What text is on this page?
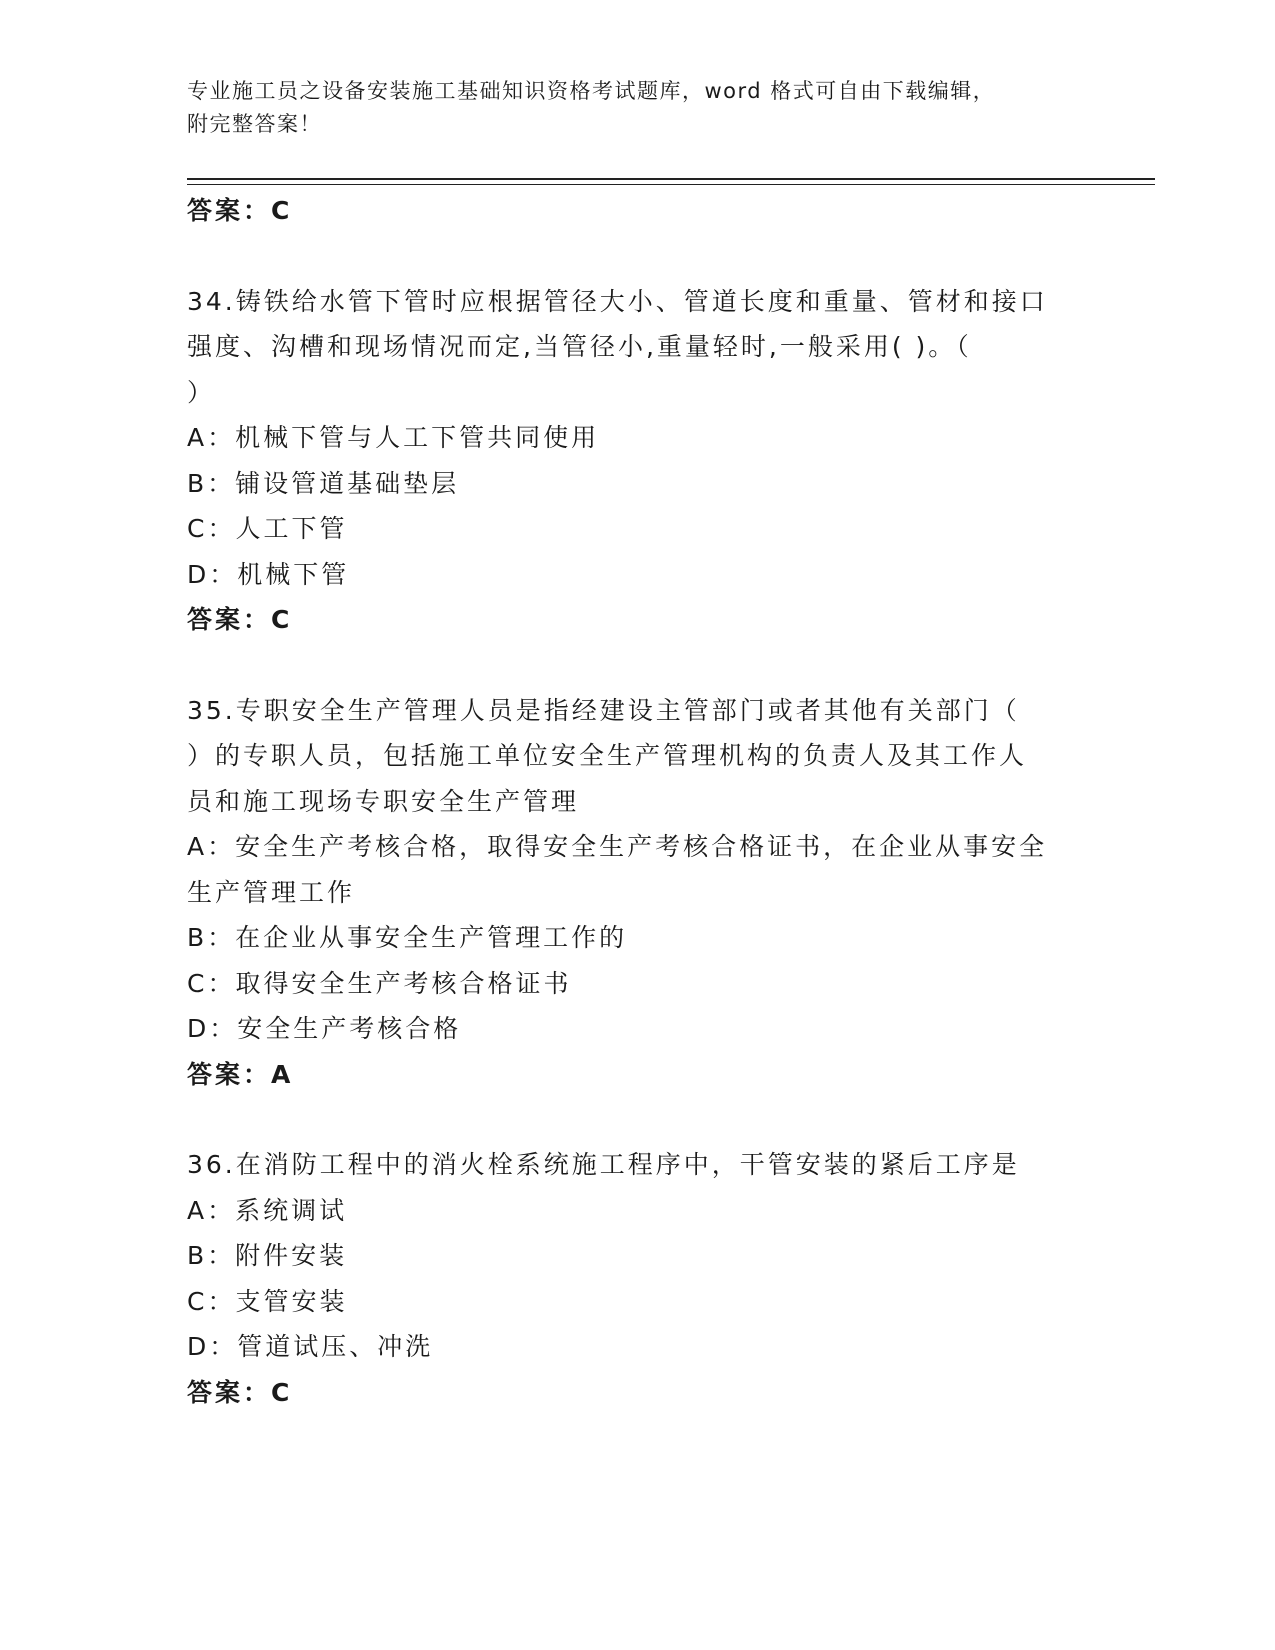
专业施工员之设备安装施工基础知识资格考试题库，word 格式可自由下载编辑，
附完整答案！
答案：C
34.铸铁给水管下管时应根据管径大小、管道长度和重量、管材和接口
强度、沟槽和现场情况而定,当管径小,重量轻时,一般采用( )。（
）
A：机械下管与人工下管共同使用
B：铺设管道基础垫层
C：人工下管
D：机械下管
答案：C
35.专职安全生产管理人员是指经建设主管部门或者其他有关部门（
）的专职人员，包括施工单位安全生产管理机构的负责人及其工作人
员和施工现场专职安全生产管理
A：安全生产考核合格，取得安全生产考核合格证书，在企业从事安全
生产管理工作
B：在企业从事安全生产管理工作的
C：取得安全生产考核合格证书
D：安全生产考核合格
答案：A
36.在消防工程中的消火栓系统施工程序中，干管安装的紧后工序是
A：系统调试
B：附件安装
C：支管安装
D：管道试压、冲洗
答案：C
